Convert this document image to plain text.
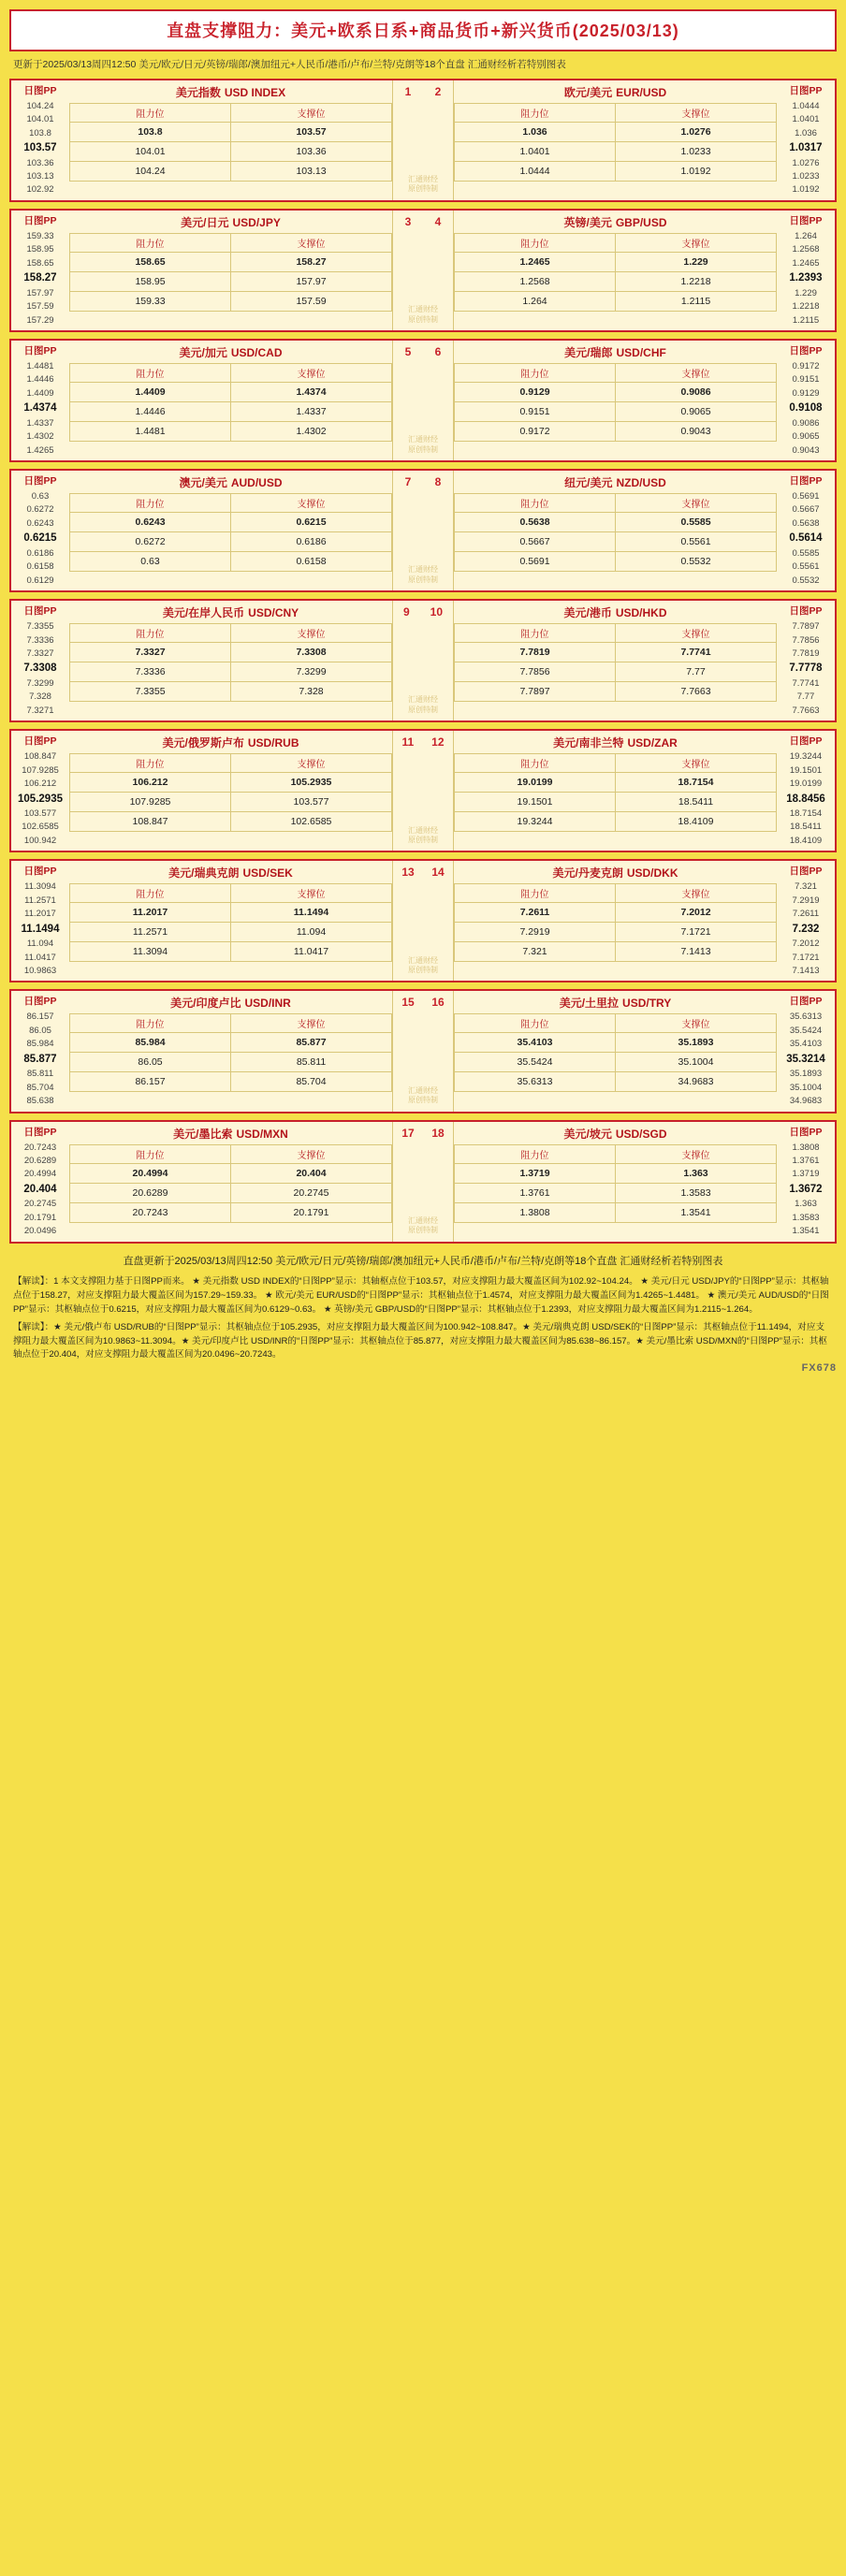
直盘支撑阻力：美元+欧系日系+商品货币+新兴货币(2025/03/13)
更新于2025/03/13周四12:50 美元/欧元/日元/英镑/瑞郎/澳加纽元+人民币/港币/卢布/兰特/克朗等18个直盘 汇通财经析若特别图表
日图PP
104.24
104.01
103.8
103.57
103.36
103.13
102.92
美元指数 USD INDEX
阻力位	支撑位
103.8	103.57
104.01	103.36
104.24	103.13
1 2
汇通财经
原创特制
欧元/美元 EUR/USD
阻力位	支撑位
1.036	1.0276
1.0401	1.0233
1.0444	1.0192
日图PP
1.0444
1.0401
1.036
1.0317
1.0276
1.0233
1.0192
日图PP
159.33
158.95
158.65
158.27
157.97
157.59
157.29
美元/日元 USD/JPY
阻力位	支撑位
158.65	158.27
158.95	157.97
159.33	157.59
3 4
汇通财经
原创特制
英镑/美元 GBP/USD
阻力位	支撑位
1.2465	1.229
1.2568	1.2218
1.264	1.2115
日图PP
1.264
1.2568
1.2465
1.2393
1.229
1.2218
1.2115
日图PP
1.4481
1.4446
1.4409
1.4374
1.4337
1.4302
1.4265
美元/加元 USD/CAD
阻力位	支撑位
1.4409	1.4374
1.4446	1.4337
1.4481	1.4302
5 6
汇通财经
原创特制
美元/瑞郎 USD/CHF
阻力位	支撑位
0.9129	0.9086
0.9151	0.9065
0.9172	0.9043
日图PP
0.9172
0.9151
0.9129
0.9108
0.9086
0.9065
0.9043
日图PP
0.63
0.6272
0.6243
0.6215
0.6186
0.6158
0.6129
澳元/美元 AUD/USD
阻力位	支撑位
0.6243	0.6215
0.6272	0.6186
0.63	0.6158
7 8
汇通财经
原创特制
纽元/美元 NZD/USD
阻力位	支撑位
0.5638	0.5585
0.5667	0.5561
0.5691	0.5532
日图PP
0.5691
0.5667
0.5638
0.5614
0.5585
0.5561
0.5532
日图PP
7.3355
7.3336
7.3327
7.3308
7.3299
7.328
7.3271
美元/在岸人民币 USD/CNY
阻力位	支撑位
7.3327	7.3308
7.3336	7.3299
7.3355	7.328
9 10
汇通财经
原创特制
美元/港币 USD/HKD
阻力位	支撑位
7.7819	7.7741
7.7856	7.77
7.7897	7.7663
日图PP
7.7897
7.7856
7.7819
7.7778
7.7741
7.77
7.7663
日图PP
108.847
107.9285
106.212
105.2935
103.577
102.6585
100.942
美元/俄罗斯卢布 USD/RUB
阻力位	支撑位
106.212	105.2935
107.9285	103.577
108.847	102.6585
11 12
汇通财经
原创特制
美元/南非兰特 USD/ZAR
阻力位	支撑位
19.0199	18.7154
19.1501	18.5411
19.3244	18.4109
日图PP
19.3244
19.1501
19.0199
18.8456
18.7154
18.5411
18.4109
日图PP
11.3094
11.2571
11.2017
11.1494
11.094
11.0417
10.9863
美元/瑞典克朗 USD/SEK
阻力位	支撑位
11.2017	11.1494
11.2571	11.094
11.3094	11.0417
13 14
汇通财经
原创特制
美元/丹麦克朗 USD/DKK
阻力位	支撑位
7.2611	7.2012
7.2919	7.1721
7.321	7.1413
日图PP
7.321
7.2919
7.2611
7.232
7.2012
7.1721
7.1413
日图PP
86.157
86.05
85.984
85.877
85.811
85.704
85.638
美元/印度卢比 USD/INR
阻力位	支撑位
85.984	85.877
86.05	85.811
86.157	85.704
15 16
汇通财经
原创特制
美元/土里拉 USD/TRY
阻力位	支撑位
35.4103	35.1893
35.5424	35.1004
35.6313	34.9683
日图PP
35.6313
35.5424
35.4103
35.3214
35.1893
35.1004
34.9683
日图PP
20.7243
20.6289
20.4994
20.404
20.2745
20.1791
20.0496
美元/墨比索 USD/MXN
阻力位	支撑位
20.4994	20.404
20.6289	20.2745
20.7243	20.1791
17 18
汇通财经
原创特制
美元/坡元 USD/SGD
阻力位	支撑位
1.3719	1.363
1.3761	1.3583
1.3808	1.3541
日图PP
1.3808
1.3761
1.3719
1.3672
1.363
1.3583
1.3541
直盘更新于2025/03/13周四12:50 美元/欧元/日元/英镑/瑞郎/澳加纽元+人民币/港币/卢布/兰特/克朗等18个直盘 汇通财经析若特别图表

【解读】：1 本文支撑阻力基于日图PP而来。 ★ 美元指数 USD INDEX的“日图PP”显示：其轴枢点位于103.57，对应支撑阻力最大覆盖区间为102.92~104.24。 ★ 美元/日元 USD/JPY的“日图PP”显示：其枢轴点位于158.27，对应支撑阻力最大覆盖区间为157.29~159.33。 ★ 欧元/美元 EUR/USD的“日图PP”显示：其枢轴点位于1.4574，对应支撑阻力最大覆盖区间为1.4265~1.4481。 ★ 澳元/美元 AUD/USD的“日图PP”显示：其枢轴点位于0.6215，对应支撑阻力最大覆盖区间为0.6129~0.63。 ★ 英镑/美元 GBP/USD的“日图PP”显示：其枢轴点位于1.2393，对应支撑阻力最大覆盖区间为1.2115~1.264。

【解读】：★ 美元/俄卢布 USD/RUB的“日图PP”显示：其枢轴点位于105.2935，对应支撑阻力最大覆盖区间为100.942~108.847。★ 美元/瑞典克朗 USD/SEK的“日图PP”显示：其枢轴点位于11.1494，对应支撑阻力最大覆盖区间为10.9863~11.3094。★ 美元/印度卢比 USD/INR的“日图PP”显示：其枢轴点位于85.877，对应支撑阻力最大覆盖区间为85.638~86.157。★ 美元/墨比索 USD/MXN的“日图PP”显示：其枢轴点位于20.404，对应支撑阻力最大覆盖区间为20.0496~20.7243。

FX678
